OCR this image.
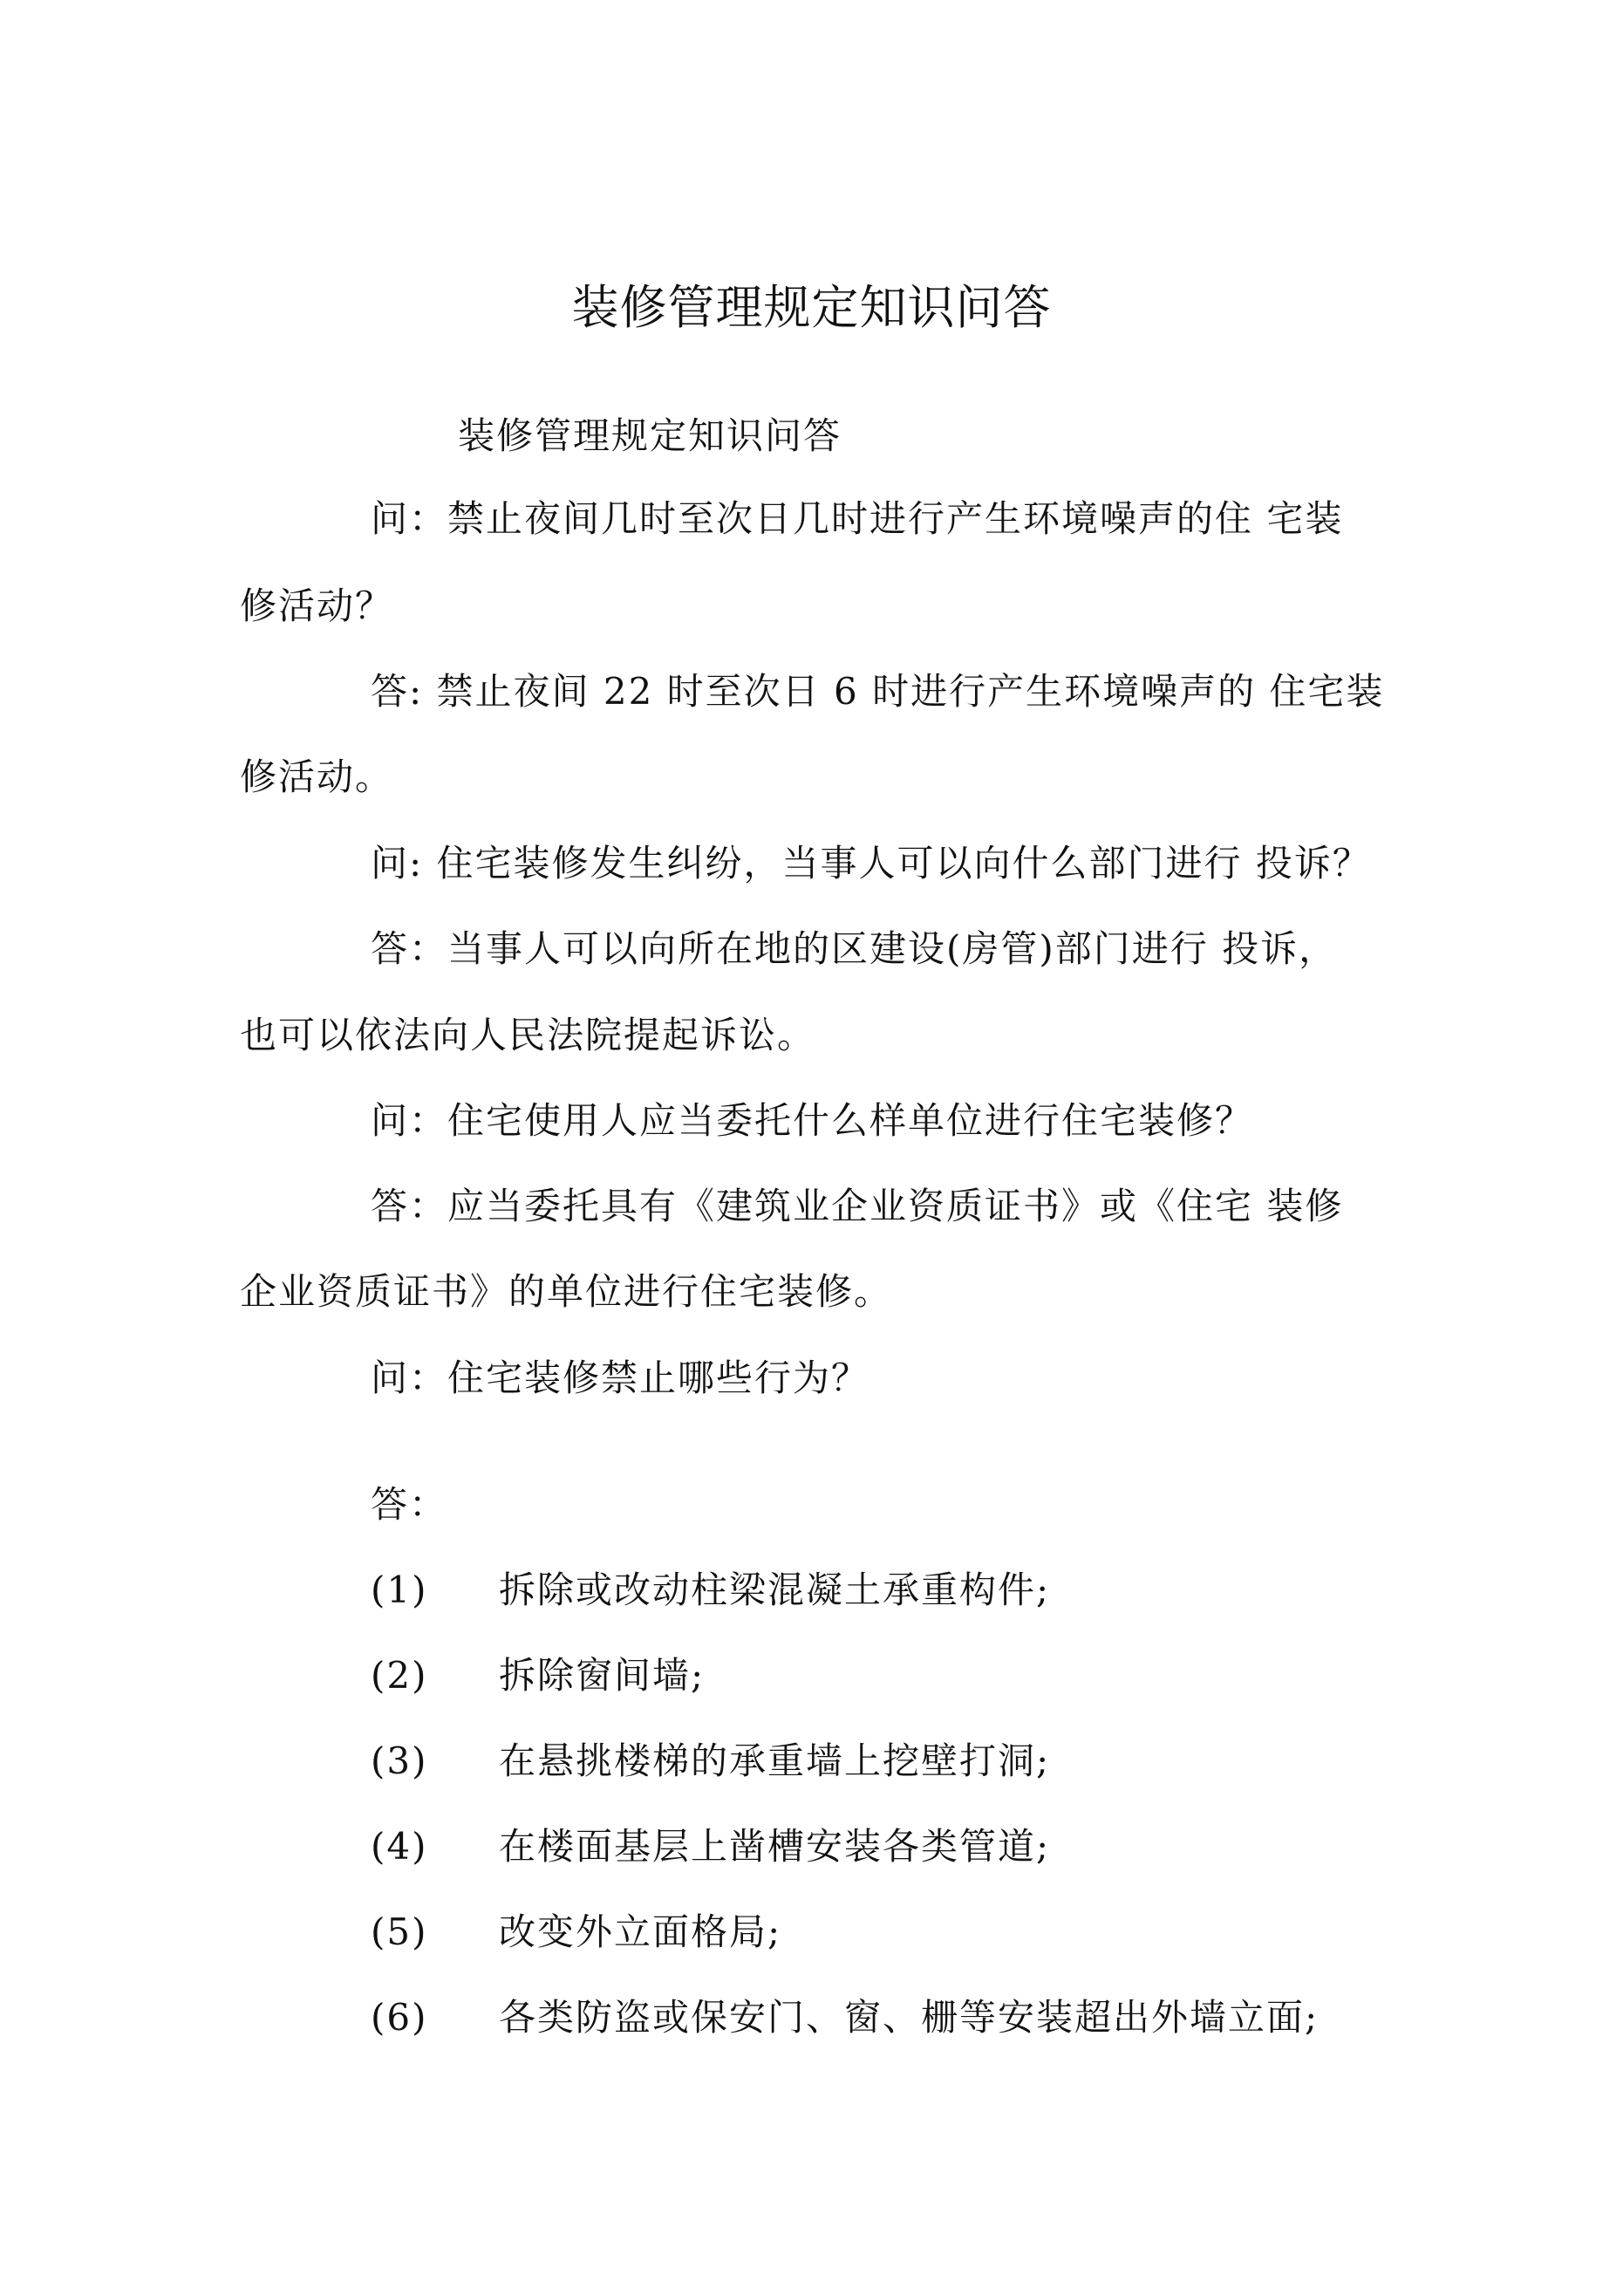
装修管理规定知识问答
装修管理规定知识问答
问：禁止夜间几时至次日几时进行产生环境噪声的住 宅装
修活动？
答: 禁止夜间 22 时至次日 6 时进行产生环境噪声的 住宅装
修活动。
问: 住宅装修发生纠纷，当事人可以向什么部门进行 投诉？
答：当事人可以向所在地的区建设(房管)部门进行 投诉，
也可以依法向人民法院提起诉讼。
问：住宅使用人应当委托什么样单位进行住宅装修？
答：应当委托具有《建筑业企业资质证书》或《住宅 装修
企业资质证书》的单位进行住宅装修。
问：住宅装修禁止哪些行为？
答：
(1) 拆除或改动柱梁混凝土承重构件;
(2) 拆除窗间墙;
(3) 在悬挑楼梯的承重墙上挖壁打洞;
(4) 在楼面基层上凿槽安装各类管道;
(5) 改变外立面格局;
(6) 各类防盗或保安门、窗、栅等安装超出外墙立面;
